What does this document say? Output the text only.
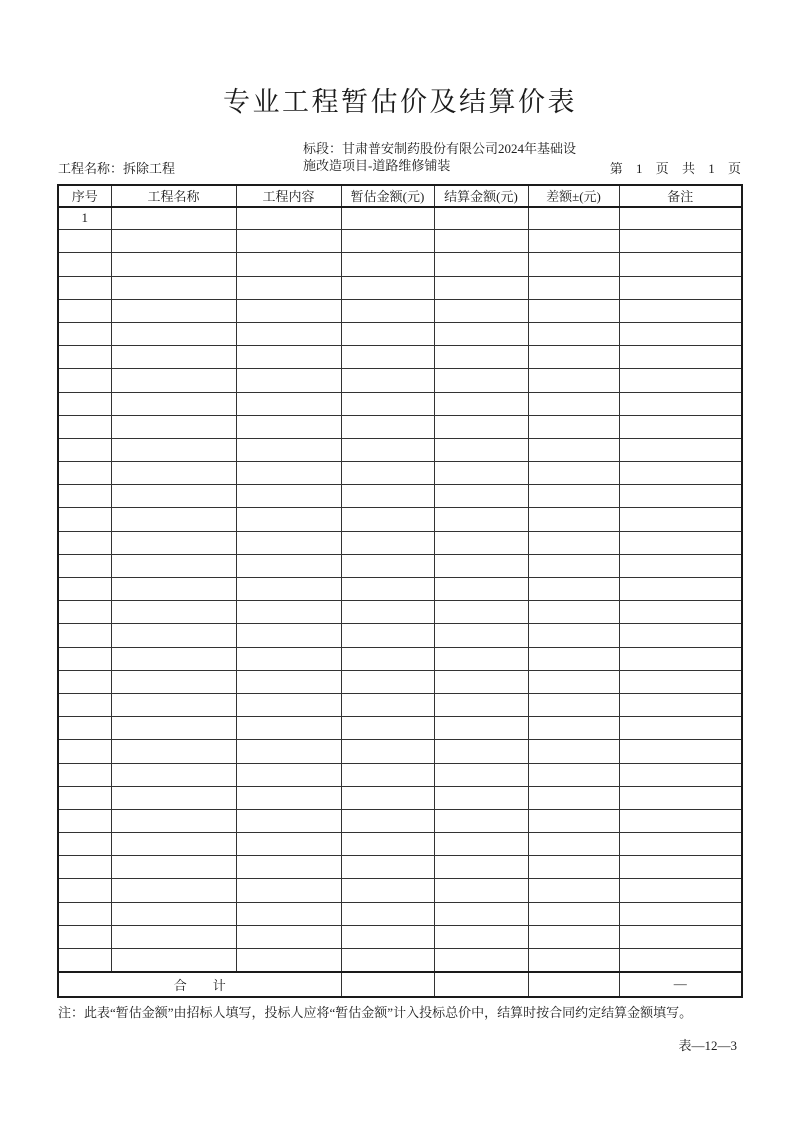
专业工程暂估价及结算价表
工程名称：拆除工程
标段：甘肃普安制药股份有限公司2024年基础设
施改造项目-道路维修铺装	第 1 页 共 1 页
序号	工程名称	工程内容	暂估金额(元)	结算金额(元)	差额±(元)	备注
1						

合　　计						—
注：此表“暂估金额”由招标人填写，投标人应将“暂估金额”计入投标总价中，结算时按合同约定结算金额填写。
表—12—3
